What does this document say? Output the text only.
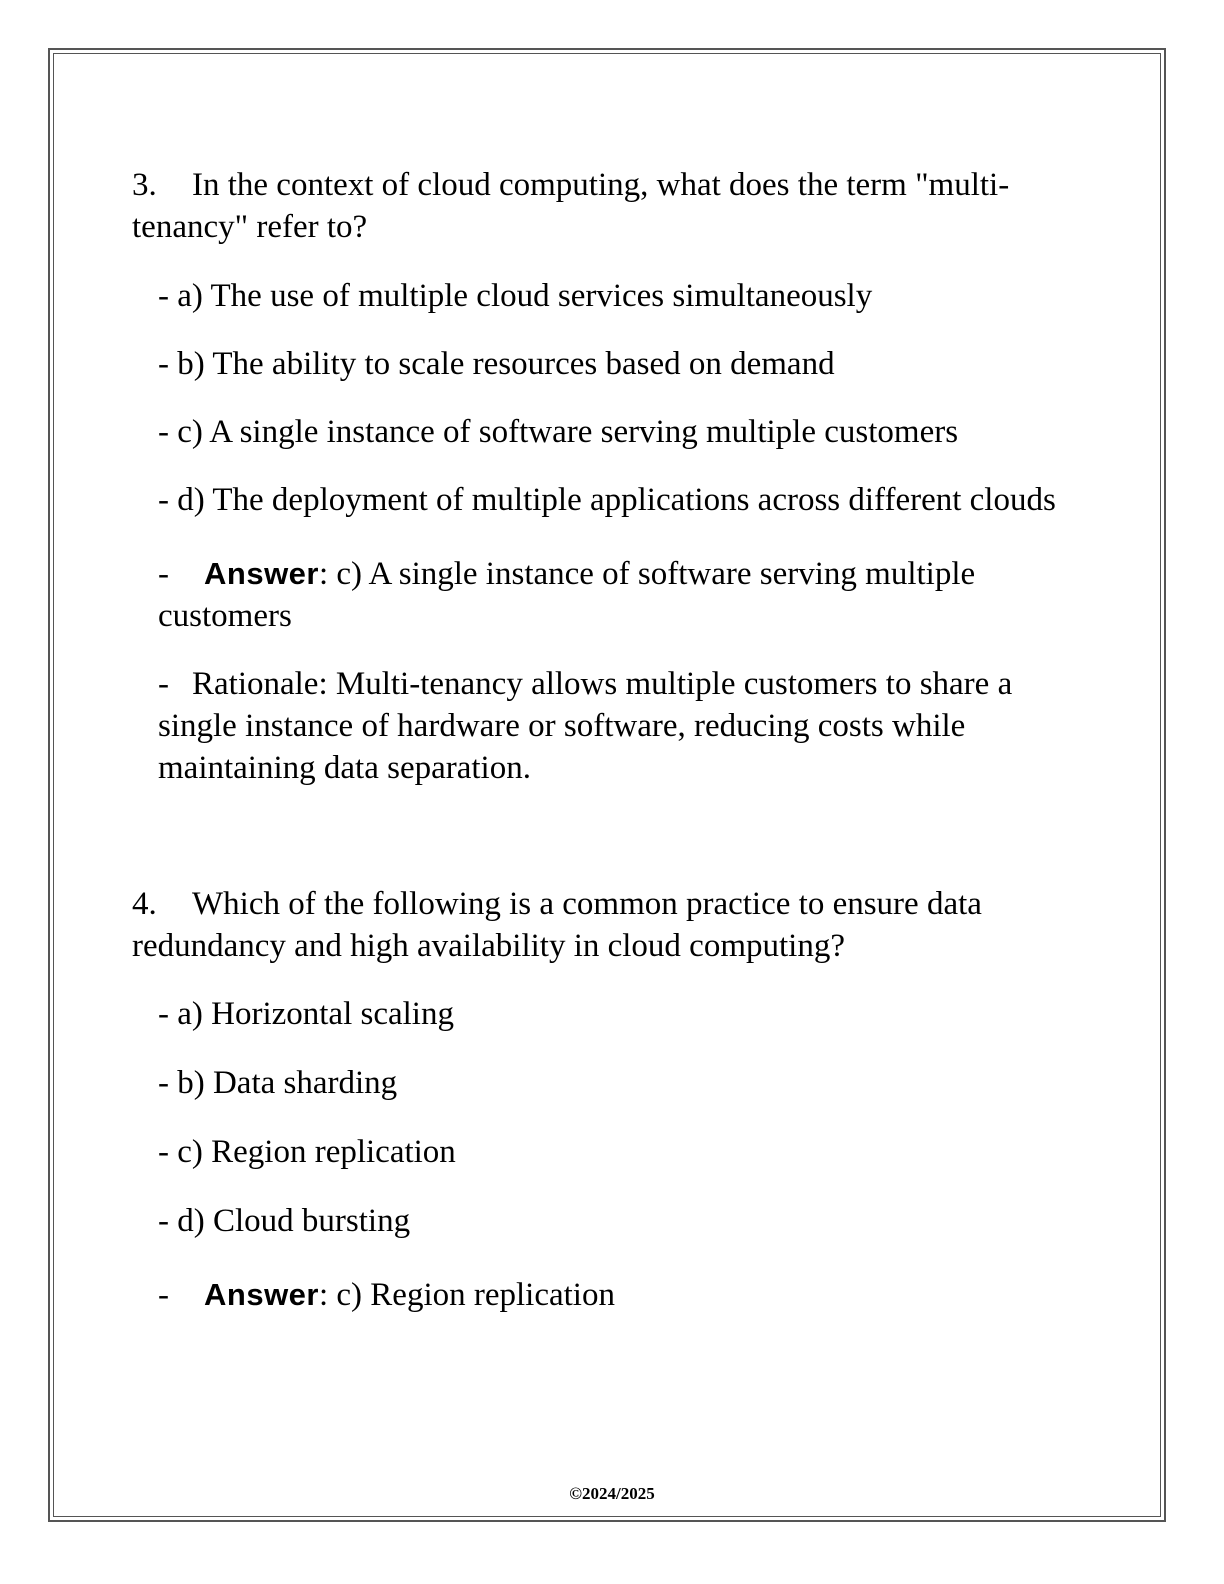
3. In the context of cloud computing, what does the term "multi-tenancy" refer to?

- a) The use of multiple cloud services simultaneously

- b) The ability to scale resources based on demand

- c) A single instance of software serving multiple customers

- d) The deployment of multiple applications across different clouds

- Answer: c) A single instance of software serving multiple customers

- Rationale: Multi-tenancy allows multiple customers to share a single instance of hardware or software, reducing costs while maintaining data separation.

4. Which of the following is a common practice to ensure data redundancy and high availability in cloud computing?

- a) Horizontal scaling

- b) Data sharding

- c) Region replication

- d) Cloud bursting

- Answer: c) Region replication

©2024/2025
